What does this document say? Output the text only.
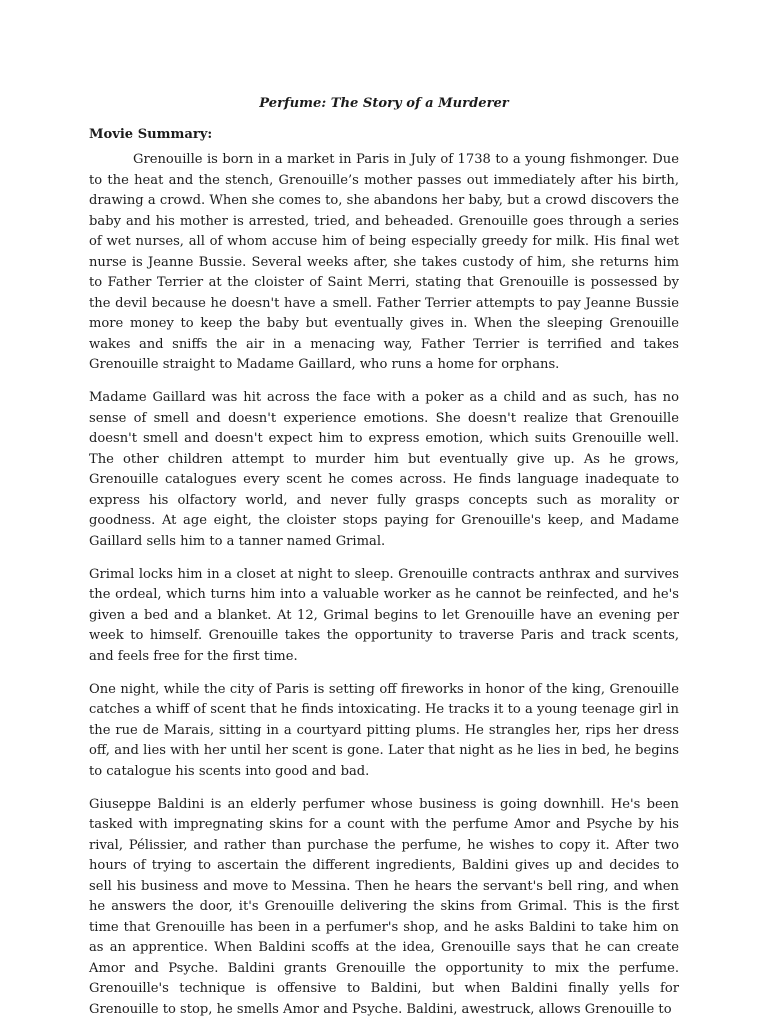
Perfume: The Story of a Murderer
Movie Summary:

Grenouille is born in a market in Paris in July of 1738 to a young fishmonger. Due to the heat and the stench, Grenouille’s mother passes out immediately after his birth, drawing a crowd. When she comes to, she abandons her baby, but a crowd discovers the baby and his mother is arrested, tried, and beheaded. Grenouille goes through a series of wet nurses, all of whom accuse him of being especially greedy for milk. His final wet nurse is Jeanne Bussie. Several weeks after, she takes custody of him, she returns him to Father Terrier at the cloister of Saint Merri, stating that Grenouille is possessed by the devil because he doesn't have a smell. Father Terrier attempts to pay Jeanne Bussie more money to keep the baby but eventually gives in. When the sleeping Grenouille wakes and sniffs the air in a menacing way, Father Terrier is terrified and takes Grenouille straight to Madame Gaillard, who runs a home for orphans.

Madame Gaillard was hit across the face with a poker as a child and as such, has no sense of smell and doesn't experience emotions. She doesn't realize that Grenouille doesn't smell and doesn't expect him to express emotion, which suits Grenouille well. The other children attempt to murder him but eventually give up. As he grows, Grenouille catalogues every scent he comes across. He finds language inadequate to express his olfactory world, and never fully grasps concepts such as morality or goodness. At age eight, the cloister stops paying for Grenouille's keep, and Madame Gaillard sells him to a tanner named Grimal.

Grimal locks him in a closet at night to sleep. Grenouille contracts anthrax and survives the ordeal, which turns him into a valuable worker as he cannot be reinfected, and he's given a bed and a blanket. At 12, Grimal begins to let Grenouille have an evening per week to himself. Grenouille takes the opportunity to traverse Paris and track scents, and feels free for the first time.

One night, while the city of Paris is setting off fireworks in honor of the king, Grenouille catches a whiff of scent that he finds intoxicating. He tracks it to a young teenage girl in the rue de Marais, sitting in a courtyard pitting plums. He strangles her, rips her dress off, and lies with her until her scent is gone. Later that night as he lies in bed, he begins to catalogue his scents into good and bad.

Giuseppe Baldini is an elderly perfumer whose business is going downhill. He's been tasked with impregnating skins for a count with the perfume Amor and Psyche by his rival, Pélissier, and rather than purchase the perfume, he wishes to copy it. After two hours of trying to ascertain the different ingredients, Baldini gives up and decides to sell his business and move to Messina. Then he hears the servant's bell ring, and when he answers the door, it's Grenouille delivering the skins from Grimal. This is the first time that Grenouille has been in a perfumer's shop, and he asks Baldini to take him on as an apprentice. When Baldini scoffs at the idea, Grenouille says that he can create Amor and Psyche. Baldini grants Grenouille the opportunity to mix the perfume. Grenouille's technique is offensive to Baldini, but when Baldini finally yells for Grenouille to stop, he smells Amor and Psyche. Baldini, awestruck, allows Grenouille to
